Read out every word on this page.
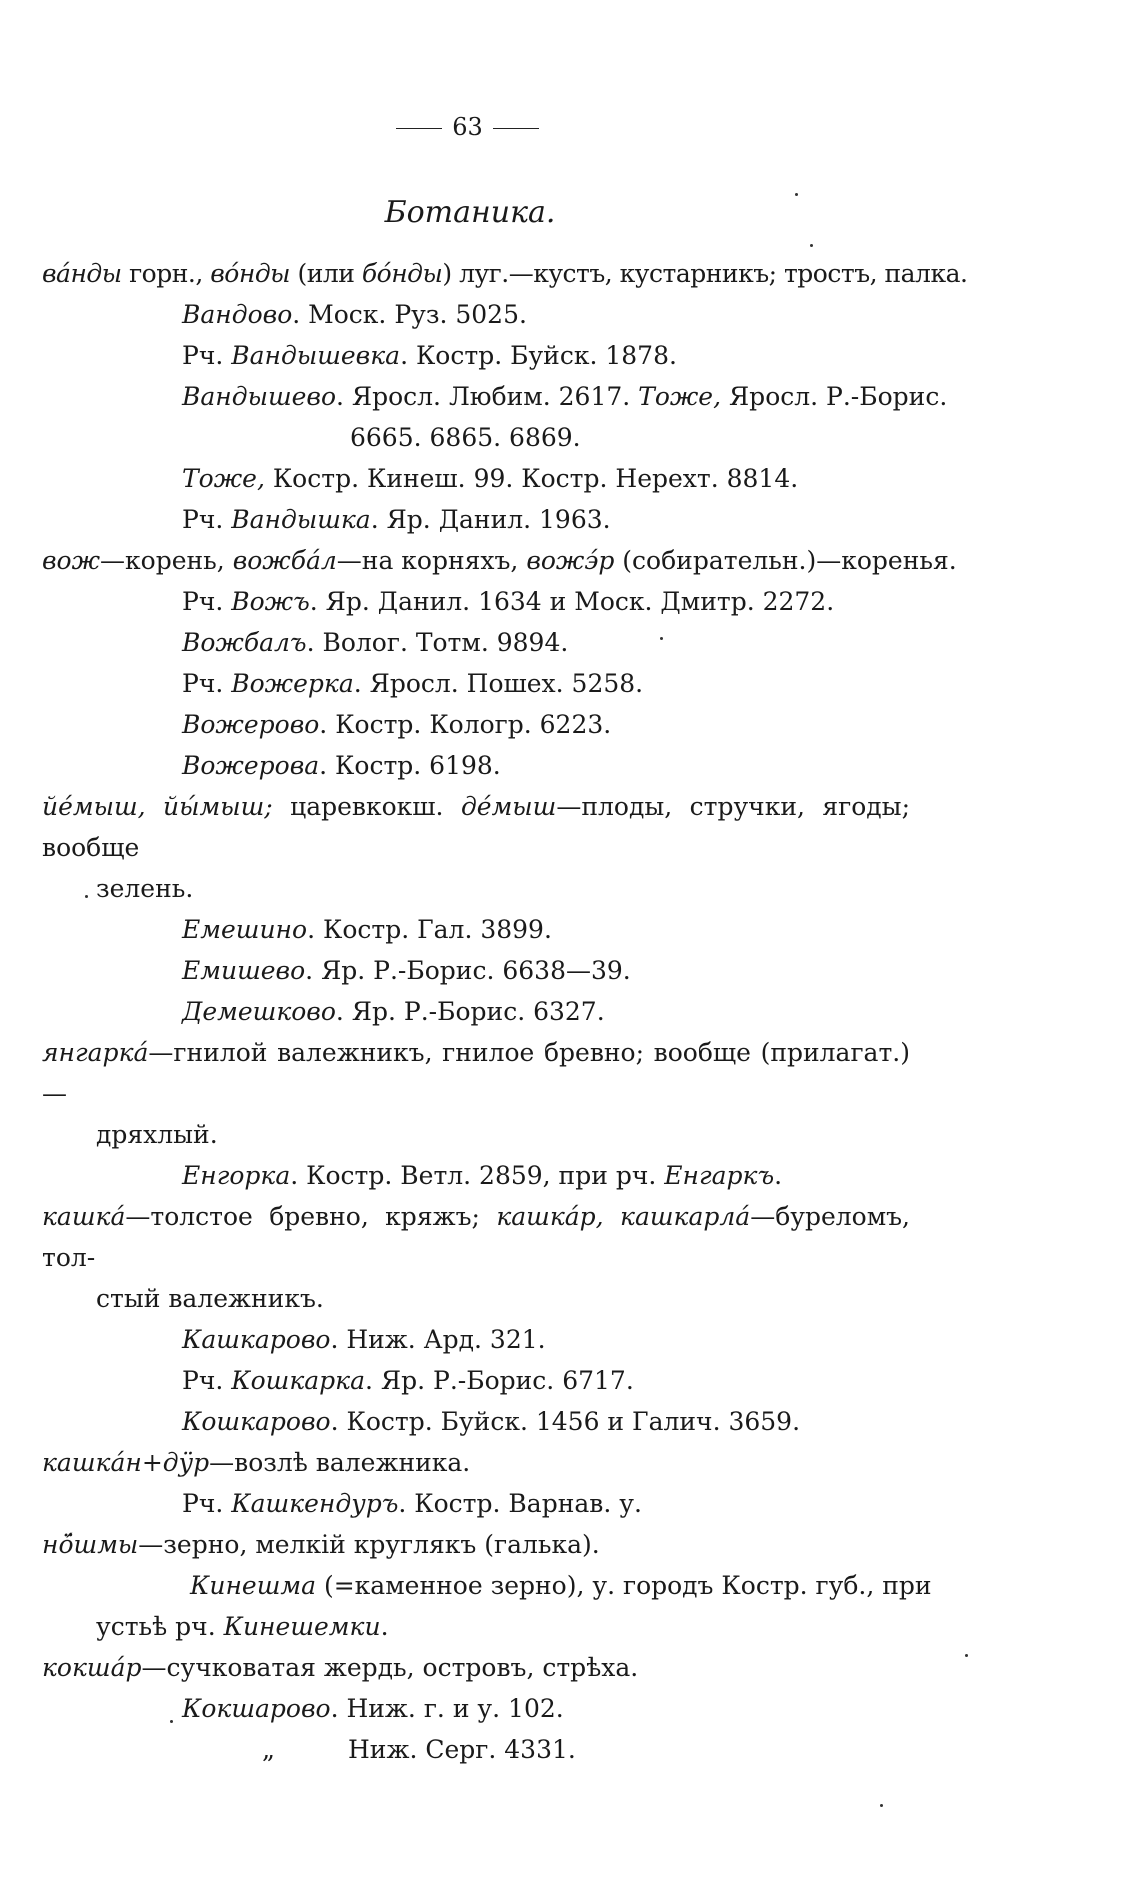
63
Ботаника.
ва́нды горн., во́нды (или бо́нды) луг.—кустъ, кустарникъ; тростъ, палка.
Вандово. Моск. Руз. 5025.
Рч. Вандышевка. Костр. Буйск. 1878.
Вандышево. Яросл. Любим. 2617. Тоже, Яросл. Р.-Борис.
6665. 6865. 6869.
Тоже, Костр. Кинеш. 99. Костр. Нерехт. 8814.
Рч. Вандышка. Яр. Данил. 1963.
вож—корень, вожба́л—на корняхъ, вожэ́р (собирательн.)—коренья.
Рч. Вожъ. Яр. Данил. 1634 и Моск. Дмитр. 2272.
Вожбалъ. Волог. Тотм. 9894.
Рч. Вожерка. Яросл. Пошех. 5258.
Вожерово. Костр. Кологр. 6223.
Вожерова. Костр. 6198.
йе́мыш, йы́мыш; царевкокш. де́мыш—плоды, стручки, ягоды; вообще
зелень.
Емешино. Костр. Гал. 3899.
Емишево. Яр. Р.-Борис. 6638—39.
Демешково. Яр. Р.-Борис. 6327.
янгарка́—гнилой валежникъ, гнилое бревно; вообще (прилагат.)—
дряхлый.
Енгорка. Костр. Ветл. 2859, при рч. Енгаркъ.
кашка́—толстое бревно, кряжъ; кашка́р, кашкарла́—буреломъ, тол-
стый валежникъ.
Кашкарово. Ниж. Ард. 321.
Рч. Кошкарка. Яр. Р.-Борис. 6717.
Кошкарово. Костр. Буйск. 1456 и Галич. 3659.
кашка́н+дӱр—возлѣ валежника.
Рч. Кашкендуръ. Костр. Варнав. у.
нӧ́шмы—зерно, мелкій круглякъ (галька).
Кинешма (=каменное зерно), у. городъ Костр. губ., при
устьѣ рч. Кинешемки.
кокша́р—сучковатая жердь, островъ, стрѣха.
Кокшарово. Ниж. г. и у. 102.
„	Ниж. Серг. 4331.
